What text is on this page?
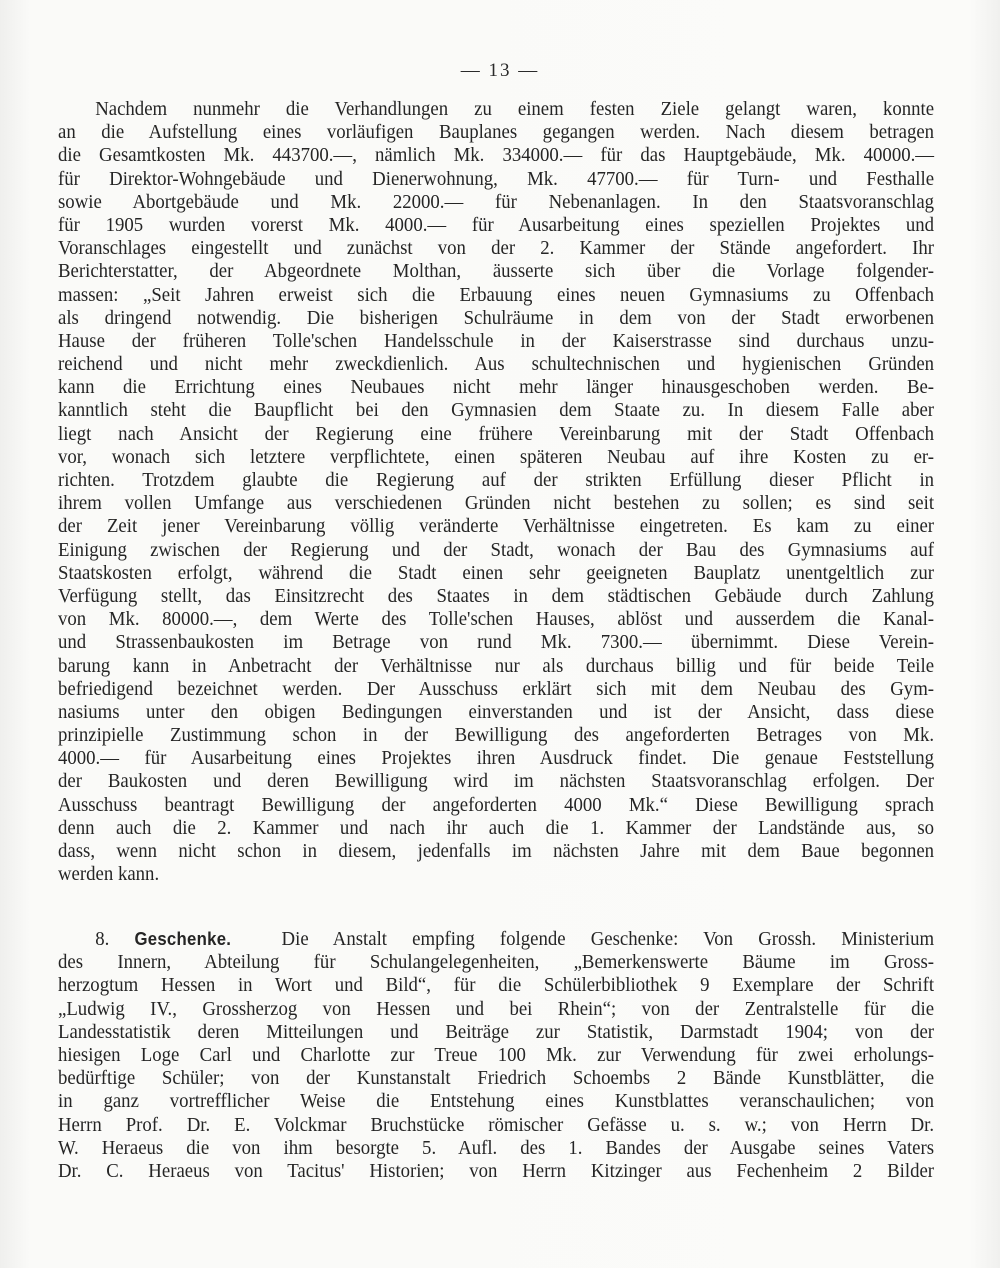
— 13 —
Nachdem nunmehr die Verhandlungen zu einem festen Ziele gelangt waren, konnte
an die Aufstellung eines vorläufigen Bauplanes gegangen werden. Nach diesem betragen
die Gesamtkosten Mk. 443700.—, nämlich Mk. 334000.— für das Hauptgebäude, Mk. 40000.—
für Direktor-Wohngebäude und Dienerwohnung, Mk. 47700.— für Turn- und Festhalle
sowie Abortgebäude und Mk. 22000.— für Nebenanlagen. In den Staatsvoranschlag
für 1905 wurden vorerst Mk. 4000.— für Ausarbeitung eines speziellen Projektes und
Voranschlages eingestellt und zunächst von der 2. Kammer der Stände angefordert. Ihr
Berichterstatter, der Abgeordnete Molthan, äusserte sich über die Vorlage folgender-
massen: „Seit Jahren erweist sich die Erbauung eines neuen Gymnasiums zu Offenbach
als dringend notwendig. Die bisherigen Schulräume in dem von der Stadt erworbenen
Hause der früheren Tolle'schen Handelsschule in der Kaiserstrasse sind durchaus unzu-
reichend und nicht mehr zweckdienlich. Aus schultechnischen und hygienischen Gründen
kann die Errichtung eines Neubaues nicht mehr länger hinausgeschoben werden. Be-
kanntlich steht die Baupflicht bei den Gymnasien dem Staate zu. In diesem Falle aber
liegt nach Ansicht der Regierung eine frühere Vereinbarung mit der Stadt Offenbach
vor, wonach sich letztere verpflichtete, einen späteren Neubau auf ihre Kosten zu er-
richten. Trotzdem glaubte die Regierung auf der strikten Erfüllung dieser Pflicht in
ihrem vollen Umfange aus verschiedenen Gründen nicht bestehen zu sollen; es sind seit
der Zeit jener Vereinbarung völlig veränderte Verhältnisse eingetreten. Es kam zu einer
Einigung zwischen der Regierung und der Stadt, wonach der Bau des Gymnasiums auf
Staatskosten erfolgt, während die Stadt einen sehr geeigneten Bauplatz unentgeltlich zur
Verfügung stellt, das Einsitzrecht des Staates in dem städtischen Gebäude durch Zahlung
von Mk. 80000.—, dem Werte des Tolle'schen Hauses, ablöst und ausserdem die Kanal-
und Strassenbaukosten im Betrage von rund Mk. 7300.— übernimmt. Diese Verein-
barung kann in Anbetracht der Verhältnisse nur als durchaus billig und für beide Teile
befriedigend bezeichnet werden. Der Ausschuss erklärt sich mit dem Neubau des Gym-
nasiums unter den obigen Bedingungen einverstanden und ist der Ansicht, dass diese
prinzipielle Zustimmung schon in der Bewilligung des angeforderten Betrages von Mk.
4000.— für Ausarbeitung eines Projektes ihren Ausdruck findet. Die genaue Feststellung
der Baukosten und deren Bewilligung wird im nächsten Staatsvoranschlag erfolgen. Der
Ausschuss beantragt Bewilligung der angeforderten 4000 Mk.“ Diese Bewilligung sprach
denn auch die 2. Kammer und nach ihr auch die 1. Kammer der Landstände aus, so
dass, wenn nicht schon in diesem, jedenfalls im nächsten Jahre mit dem Baue begonnen
werden kann.
8. Geschenke. Die Anstalt empfing folgende Geschenke: Von Grossh. Ministerium
des Innern, Abteilung für Schulangelegenheiten, „Bemerkenswerte Bäume im Gross-
herzogtum Hessen in Wort und Bild“, für die Schülerbibliothek 9 Exemplare der Schrift
„Ludwig IV., Grossherzog von Hessen und bei Rhein“; von der Zentralstelle für die
Landesstatistik deren Mitteilungen und Beiträge zur Statistik, Darmstadt 1904; von der
hiesigen Loge Carl und Charlotte zur Treue 100 Mk. zur Verwendung für zwei erholungs-
bedürftige Schüler; von der Kunstanstalt Friedrich Schoembs 2 Bände Kunstblätter, die
in ganz vortrefflicher Weise die Entstehung eines Kunstblattes veranschaulichen; von
Herrn Prof. Dr. E. Volckmar Bruchstücke römischer Gefässe u. s. w.; von Herrn Dr.
W. Heraeus die von ihm besorgte 5. Aufl. des 1. Bandes der Ausgabe seines Vaters
Dr. C. Heraeus von Tacitus' Historien; von Herrn Kitzinger aus Fechenheim 2 Bilder
